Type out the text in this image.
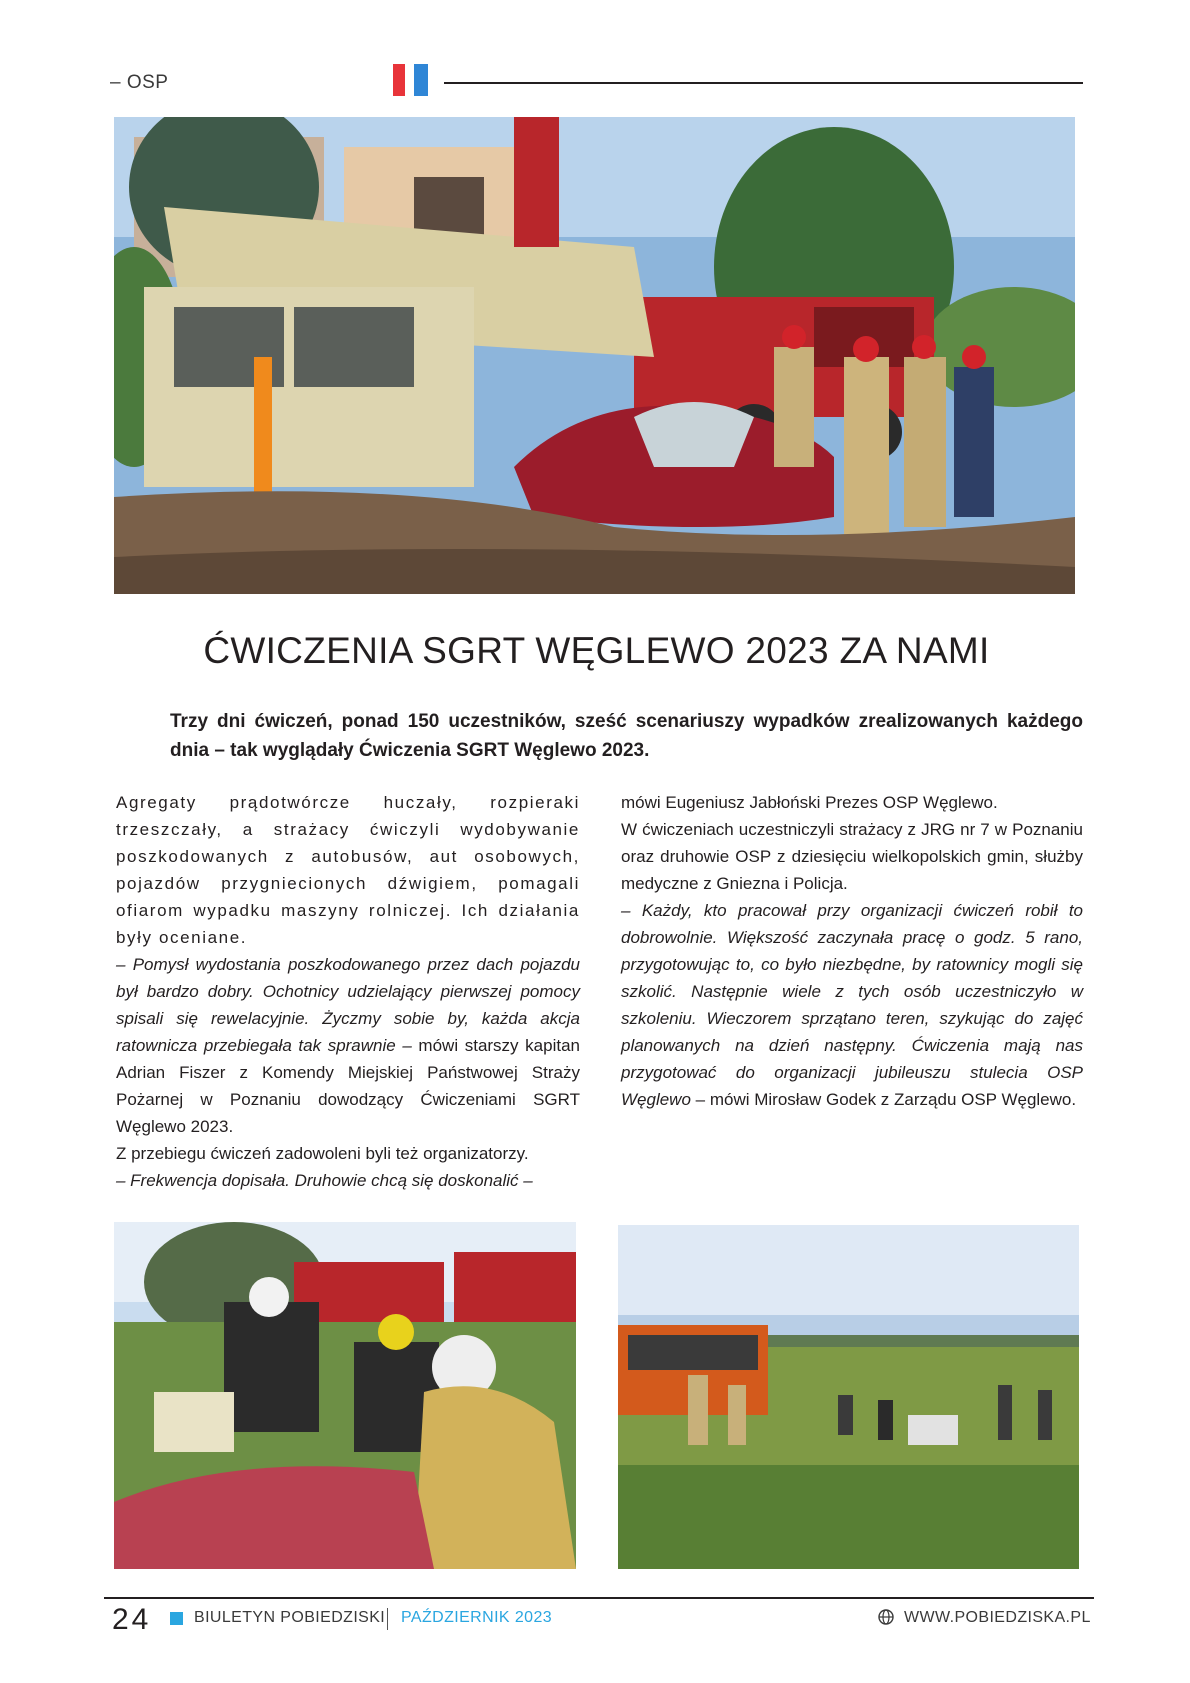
– OSP
ĆWICZENIA SGRT WĘGLEWO 2023 ZA NAMI
Trzy dni ćwiczeń, ponad 150 uczestników, sześć scenariuszy wypadków zrealizowanych każdego dnia – tak wyglądały Ćwiczenia SGRT Węglewo 2023.

Agregaty prądotwórcze huczały, rozpieraki trzeszczały, a strażacy ćwiczyli wydobywanie poszkodowanych z autobusów, aut osobowych, pojazdów przygniecionych dźwigiem, pomagali ofiarom wypadku maszyny rolniczej. Ich działania były oceniane.

– Pomysł wydostania poszkodowanego przez dach pojazdu był bardzo dobry. Ochotnicy udzielający pierwszej pomocy spisali się rewelacyjnie. Życzmy sobie by, każda akcja ratownicza przebiegała tak sprawnie – mówi starszy kapitan Adrian Fiszer z Komendy Miejskiej Państwowej Straży Pożarnej w Poznaniu dowodzący Ćwiczeniami SGRT Węglewo 2023.

Z przebiegu ćwiczeń zadowoleni byli też organizatorzy.

– Frekwencja dopisała. Druhowie chcą się doskonalić –

mówi Eugeniusz Jabłoński Prezes OSP Węglewo.

W ćwiczeniach uczestniczyli strażacy z JRG nr 7 w Poznaniu oraz druhowie OSP z dziesięciu wielkopolskich gmin, służby medyczne z Gniezna i Policja.

– Każdy, kto pracował przy organizacji ćwiczeń robił to dobrowolnie. Większość zaczynała pracę o godz. 5 rano, przygotowując to, co było niezbędne, by ratownicy mogli się szkolić. Następnie wiele z tych osób uczestniczyło w szkoleniu. Wieczorem sprzątano teren, szykując do zajęć planowanych na dzień następny. Ćwiczenia mają nas przygotować do organizacji jubileuszu stulecia OSP Węglewo – mówi Mirosław Godek z Zarządu OSP Węglewo.

24	BIULETYN POBIEDZISKI PAŹDZIERNIK 2023	WWW.POBIEDZISKA.PL
